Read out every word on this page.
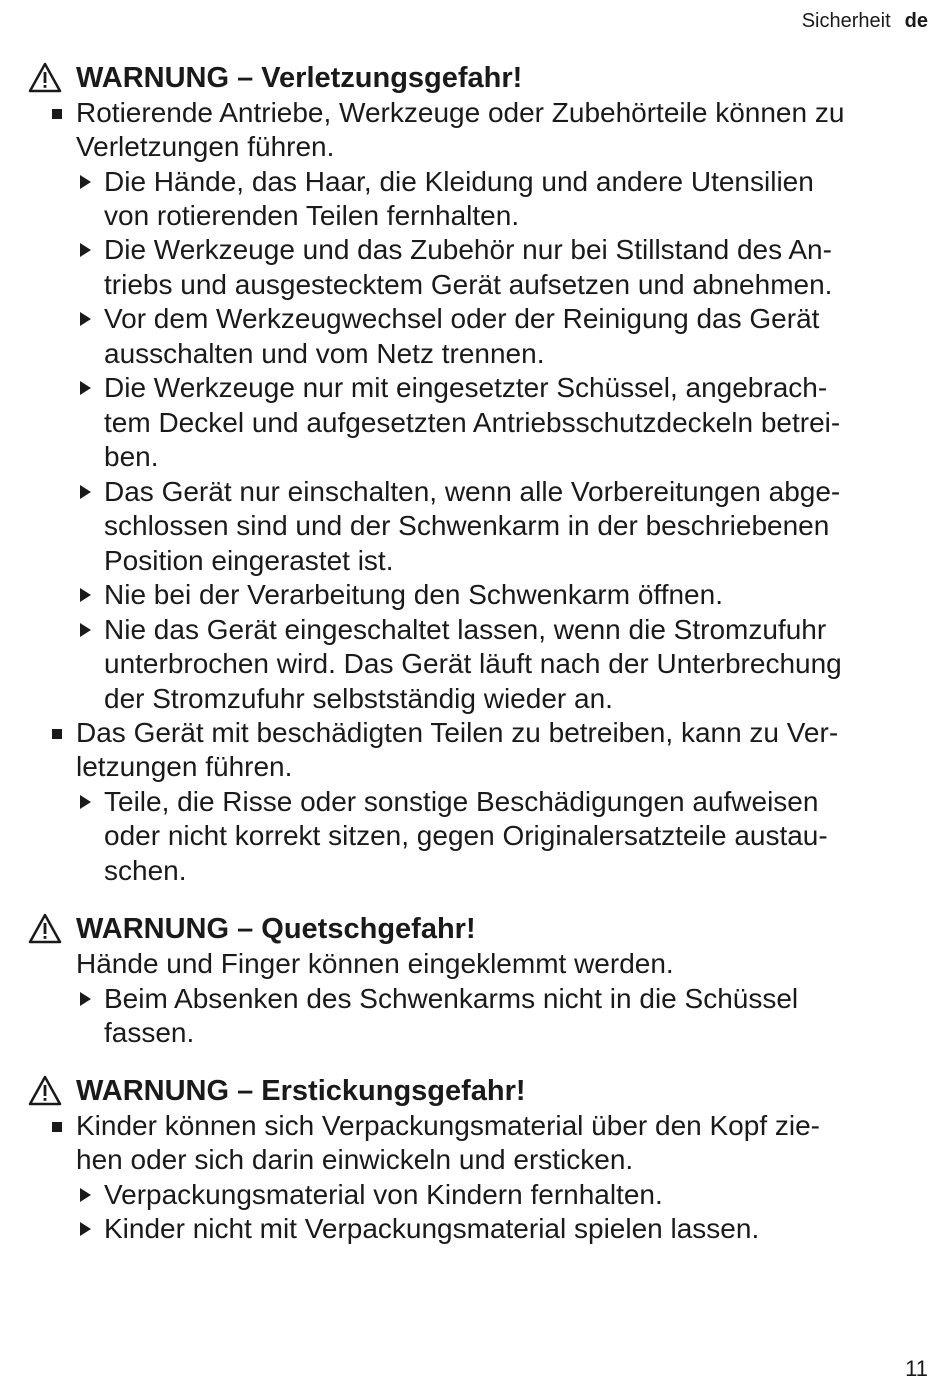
Sicherheit de
WARNUNG – Verletzungsgefahr!
Rotierende Antriebe, Werkzeuge oder Zubehörteile können zu
Verletzungen führen.
Die Hände, das Haar, die Kleidung und andere Utensilien
von rotierenden Teilen fernhalten.
Die Werkzeuge und das Zubehör nur bei Stillstand des An-
triebs und ausgestecktem Gerät aufsetzen und abnehmen.
Vor dem Werkzeugwechsel oder der Reinigung das Gerät
ausschalten und vom Netz trennen.
Die Werkzeuge nur mit eingesetzter Schüssel, angebrach-
tem Deckel und aufgesetzten Antriebsschutzdeckeln betrei-
ben.
Das Gerät nur einschalten, wenn alle Vorbereitungen abge-
schlossen sind und der Schwenkarm in der beschriebenen
Position eingerastet ist.
Nie bei der Verarbeitung den Schwenkarm öffnen.
Nie das Gerät eingeschaltet lassen, wenn die Stromzufuhr
unterbrochen wird. Das Gerät läuft nach der Unterbrechung
der Stromzufuhr selbstständig wieder an.
Das Gerät mit beschädigten Teilen zu betreiben, kann zu Ver-
letzungen führen.
Teile, die Risse oder sonstige Beschädigungen aufweisen
oder nicht korrekt sitzen, gegen Originalersatzteile austau-
schen.
WARNUNG – Quetschgefahr!
Hände und Finger können eingeklemmt werden.
Beim Absenken des Schwenkarms nicht in die Schüssel
fassen.
WARNUNG – Erstickungsgefahr!
Kinder können sich Verpackungsmaterial über den Kopf zie-
hen oder sich darin einwickeln und ersticken.
Verpackungsmaterial von Kindern fernhalten.
Kinder nicht mit Verpackungsmaterial spielen lassen.
11
